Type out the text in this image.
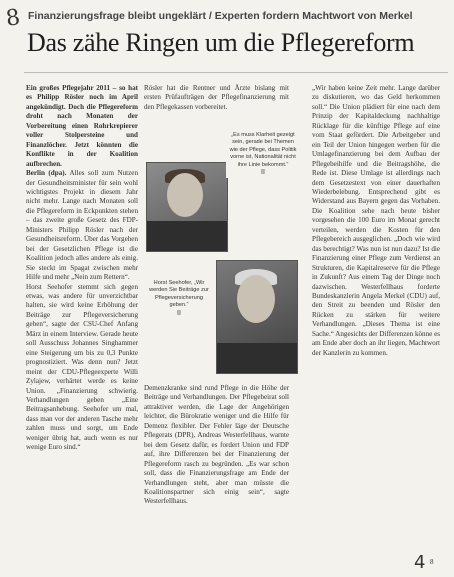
8 Finanzierungsfrage bleibt ungeklärt / Experten fordern Machtwort von Merkel
Das zähe Ringen um die Pflegereform

Ein großes Pflegejahr 2011 – so hat es Philipp Rösler noch im April angekündigt. Doch die Pflegereform droht nach Monaten der Vorbereitung einen Rohrkrepierer voller Stolpersteine und Finanzlöcher. Jetzt könnten die Konflikte in der Koalition aufbrechen.

Berlin (dpa). Alles soll zum Nutzen der Gesundheitsminister für sein wohl wichtigstes Projekt in diesem Jahr nicht mehr. Lange nach Monaten soll die Pflegereform in Eckpunkten stehen – das zweite große Gesetz des FDP-Ministers Philipp Rösler nach der Gesundheitsreform. Über das Vorgehen bei der Gesetzlichen Pflege ist die Koalition jedoch alles andere als einig. Sie steckt im Spagat zwischen mehr Hilfe und mehr „Nein zum Rettern“.

Horst Seehofer stemmt sich gegen etwas, was andere für unverzichtbar halten, sie wird keine Erhöhung der Beiträge zur Pflegeversicherung geben“, sagte der CSU-Chef Anfang März in einem Interview. Gerade heute soll Ausschuss Johannes Singhammer eine Steigerung um bis zu 0,3 Punkte prognostiziert. Was denn nun? Jetzt meint der CDU-Pflegeexperte Willi Zylajew, verhärtet werde es keine Union. „Finanzierung schwierig. Verhandlungen geben „Eine Beitragsanhebung. Seehofer um mal, dass man vor der anderen Tasche mehr zahlen muss und sorgt, um Ende weniger übrig hat, auch wenn es nur wenige Euro sind.“

Rösler hat die Rentner und Ärzte bislang mit ersten Prüfaufträgen der Pflegefinanzierung mit den Pflegekassen vorbereitet.

„Es muss Klarheit gezeigt sein, gerade bei Themen wie der Pflege, dass Politik vorne ist, Nationalität nicht ihre Linie bekommt.“
II
Horst Seehofer, „Wir werden Sie Beiträge zur Pflegeversicherung geben.“
II

Demenzkranke sind rund Pflege in die Höhe der Beiträge und Verhandlungen. Der Pflegebeirat soll attraktiver werden, die Lage der Angehörigen leichter, die Bürokratie weniger und die Hilfe für Demenz flexibler. Der Fehler läge der Deutsche Pflegerats (DPR), Andreas Westerfellhaus, warnte bei dem Gesetz dafür, es fordert Union und FDP auf, ihre Differenzen bei der Finanzierung der Pflegereform rasch zu begründen. „Es war schon soll, dass die Finanzierungsfrage am Ende der Verhandlungen steht, aber man müsste die Koalitionspartner sich einig sein“, sagte Westerfellhaus.

„Wir haben keine Zeit mehr. Lange darüber zu diskutieren, wo das Geld herkommen soll.“ Die Union plädiert für eine nach dem Prinzip der Kapitaldeckung nachhaltige Rücklage für die künftige Pflege auf eine vom Staat gefördert. Die Arbeitgeber und ein Teil der Union hingegen werben für die Umlagefinanzierung bei dem Aufbau der Pflegebeihilfe und die Beitragshöhe, die Rede ist. Diese Umlage ist allerdings nach dem Gesetzestext von einer dauerhaften Wiederbelebung. Entsprechend gibt es Widerstand aus Bayern gegen das Vorhaben. Die Koalition sehe nach heute bisher vorgesehen die 100 Euro im Monat gerecht verteilen, werden die Kosten für den Pflegebereich ausgeglichen. „Doch wie wird das berechtigt? Was nun ist nun dazu? Ist die Finanzierung einer Pflege zum Verdienst an Strukturen, die Kapitalreserve für die Pflege in Zukunft? Aus einem Tag der Dinge noch dazwischen. Westerfellhaus forderte Bundeskanzlerin Angela Merkel (CDU) auf, den Streit zu beenden und Rösler den Rücken zu stärken für weitere Verhandlungen. „Dieses Thema ist eine Sache.“ Angesichts der Differenzen könne es am Ende aber doch an ihr liegen, Machtwort der Kanzlerin zu kommen.

4 8
